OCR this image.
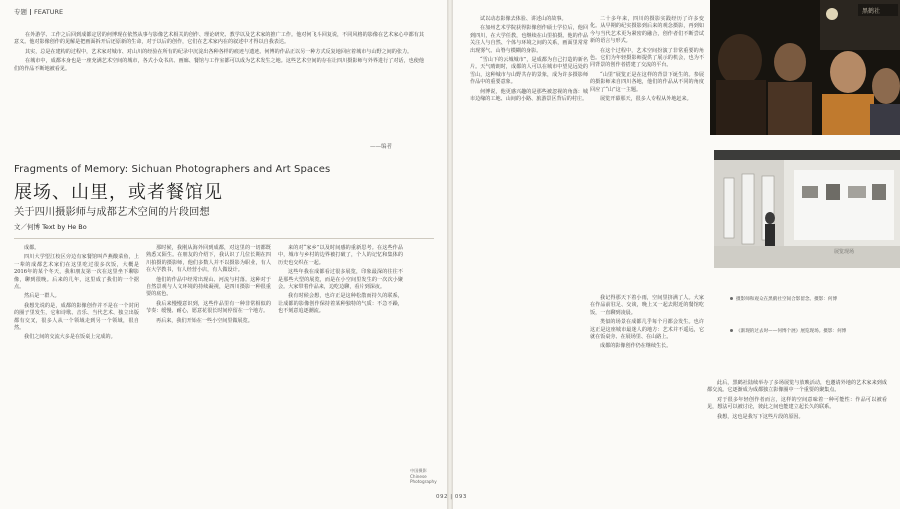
专题 FEATURE

在外游学、工作之后回到成都定居的何博现在依然从事与影像艺术相关的创作、理论研究、教学以及艺术家的推广工作。他对何飞斗回复说，不同风格的影像在艺术家心中都有其意义。他对影像创作的见解是把画面拆开后还原新的生命，对于以后的创作，它们在艺术家内在的叙述中才得以自我表达。

其实，总是在建构的过程中，艺术家对城市、对山川的经验在所有的纪录中沉淀出各种各样的痕迹与遗迹。何博的作品正以另一种方式反复地回应着城市与山野之间的张力。

在城市中，成都本身也是一座充满艺术空间的城市，各式小众书店、画廊、餐馆与工作室都可以成为艺术发生之地。这些艺术空间的存在让四川摄影师与外界进行了对话，也使他们的作品不断地被看见。

——编者
Fragments of Memory: Sichuan Photographers and Art Spaces
展场、山里，或者餐馆见
关于四川摄影师与成都艺术空间的片段回想
文／何博 Text by He Bo

成都。

四川大学望江校区旁边有家餐馆叫芦燕酸菜鱼，上一辈的成都艺术家们在这里吃过很多次饭，大概是2016年的某个冬天，我和朋友第一次在这里坐下聊影像，聊到很晚。后来的几年，这里成了我们的一个据点。

然后是一群人。

我想先说的是，成都的影像创作并不是在一个封闭的圈子里发生，它和诗歌、音乐、当代艺术、独立出版都有交叉，很多人从一个领域走到另一个领域，很自然。

我们之间的交流大多是在饭桌上完成的。

那时候，我刚从海外回到成都，对这里的一切都既熟悉又陌生。在朋友的介绍下，我认识了几位长期在四川拍摄的摄影师，他们多数人并不以摄影为职业，有人在大学教书，有人经营小店，有人做设计。

他们的作品中经常出现山、河流与村落。这种对于自然景观与人文环境的持续凝视，是四川摄影一种很重要的底色。

我后来慢慢意识到，这些作品里有一种非常相似的节奏：缓慢、耐心，愿意花很长时间停留在一个地方。

再后来，我们开始在一些小空间里做展览。

来的对“家乡”以及时间感的重新思考。在这些作品中，城市与乡村的边界被打破了，个人的记忆和集体的历史也交织在一起。

这些年我在成都看过很多展览，印象最深的往往不是那些大型的展览，而是在小空间里发生的一次次小聚会。大家带着作品来，边吃边聊，看片到深夜。

我有时候会想，也许正是这种松散而持久的联系，让成都的影像创作保持着某种独特的气质：不急不躁，也不刻意追逐潮流。

中国摄影
Chinese
Photography
092 | 093

试以动态影像去体验、讲述山的故事。

在加州艺术学院获得影像创作硕士学位后，他回到四川，在大学任教，也继续在山里拍摄。他的作品关注人与自然、个体与环境之间的关系，画面里常常出现雾气、山脊与模糊的身影。

“雪山下的云城城市”，是成都为自己打造的新名片。天气晴朗时，成都的人可以在城市中望见远处的雪山，这种城市与山野共存的景象，成为许多摄影师作品中的重要意象。

何博说，他更感兴趣的是那些被忽视的角落：城市边缘的工地、山间的小路、旅游景区背后的村庄。

二十多年来，四川的摄影实践经历了许多变化。从早期的纪实摄影到后来的观念摄影，再到如今与当代艺术更为紧密的融合，创作者们不断尝试新的语言与形式。

在这个过程中，艺术空间扮演了非常重要的角色。它们为年轻摄影师提供了展示的机会，也为不同背景的创作者搭建了交流的平台。

“山里”展览正是在这样的背景下诞生的。参展的摄影师来自四川各地，他们的作品从不同的角度回应了“山”这一主题。

展览开幕那天，很多人专程从外地赶来。

我记得那天下着小雨，空间里挤满了人。大家在作品前驻足、交谈，晚上又一起去附近的餐馆吃饭，一直聊到凌晨。

类似的场景在成都几乎每个月都会发生。也许这正是这座城市最迷人的地方：艺术并不遥远，它就在饭桌旁、在展场里、在山路上。

成都的影像创作仍在继续生长。

此后，黑鹤社陆续举办了多场展览与放映活动，也邀请外地的艺术家来到成都交流。它逐渐成为成都独立影像圈中一个重要的聚集点。

对于很多年轻创作者而言，这样的空间意味着一种可能性：作品可以被看见，想法可以被讨论，彼此之间也能建立起长久的联系。

我想，这也是我写下这些片段的原因。

黑鹤社
展览现场
摄影师和观众在黑鹤社空间合影留念。摄影：何博
《渐现的过去时——何博个展》展览现场。摄影：何博
